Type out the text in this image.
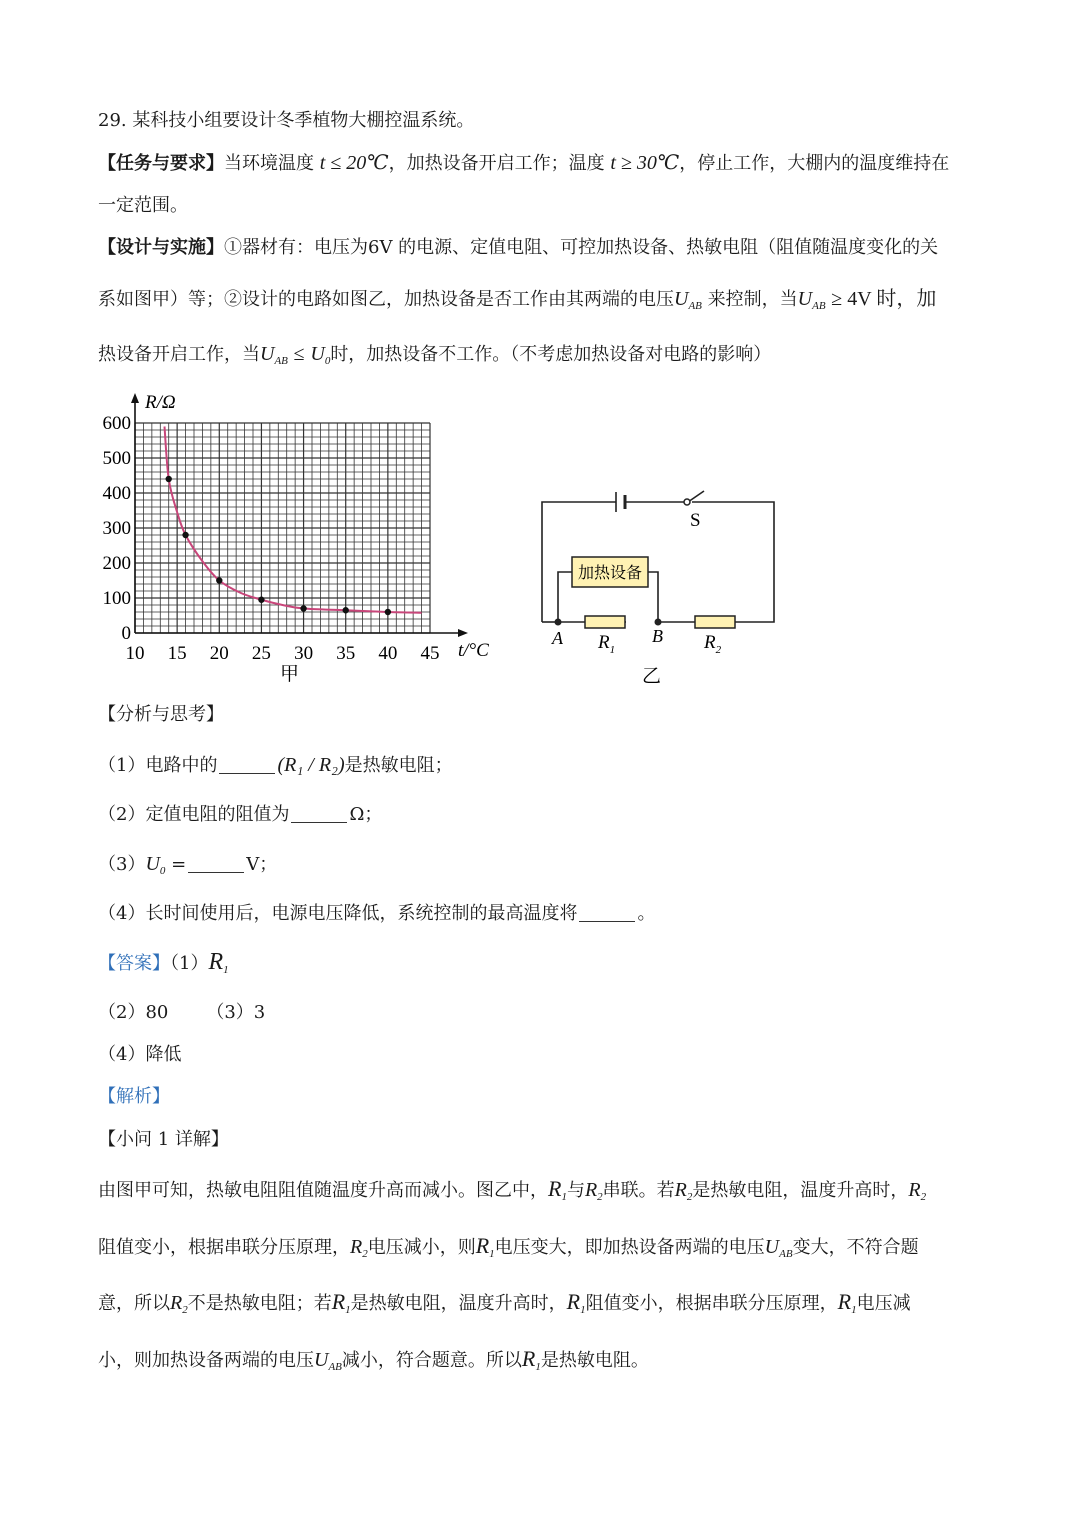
29. 某科技小组要设计冬季植物大棚控温系统。
【任务与要求】当环境温度 t ≤ 20℃，加热设备开启工作；温度 t ≥ 30℃，停止工作，大棚内的温度维持在
一定范围。
【设计与实施】①器材有：电压为6V 的电源、定值电阻、可控加热设备、热敏电阻（阻值随温度变化的关
系如图甲）等；②设计的电路如图乙，加热设备是否工作由其两端的电压$U_{AB}$ 来控制，当$U_{AB} \ge 4V$ 时，加
热设备开启工作，当$U_{AB} \le U_0$时，加热设备不工作。（不考虑加热设备对电路的影响）
10 15 20 25 30 35 40 45
0
100
200
300
400
500
600
R/Ω
t/°C
甲
加热设备
S
A	B
$R_1$	$R_2$
乙
【分析与思考】
（1）电路中的	(R₁ / R₂)是热敏电阻；
（2）定值电阻的阻值为	Ω；
$(3)U_0$ =	V；
（4）长时间使用后，电源电压降低，系统控制的最高温度将	。
【答案】$(1)R_1$
（2）80 （3）3
（4）降低
【解析】
【小问 1 详解】
由图甲可知，热敏电阻阻值随温度升高而减小。图乙中，$R_1$与$R_2$串联。若$R_2$是热敏电阻，温度升高时，$R_2$
阻值变小，根据串联分压原理，$R_2$电压减小，则$R_1$电压变大，即加热设备两端的电压$U_{AB}$变大，不符合题
意，所以$R_2$不是热敏电阻；若$R_1$是热敏电阻，温度升高时，$R_1$阻值变小，根据串联分压原理，$R_1$电压减
小，则加热设备两端的电压$U_{AB}$减小，符合题意。所以$R_1$是热敏电阻。
